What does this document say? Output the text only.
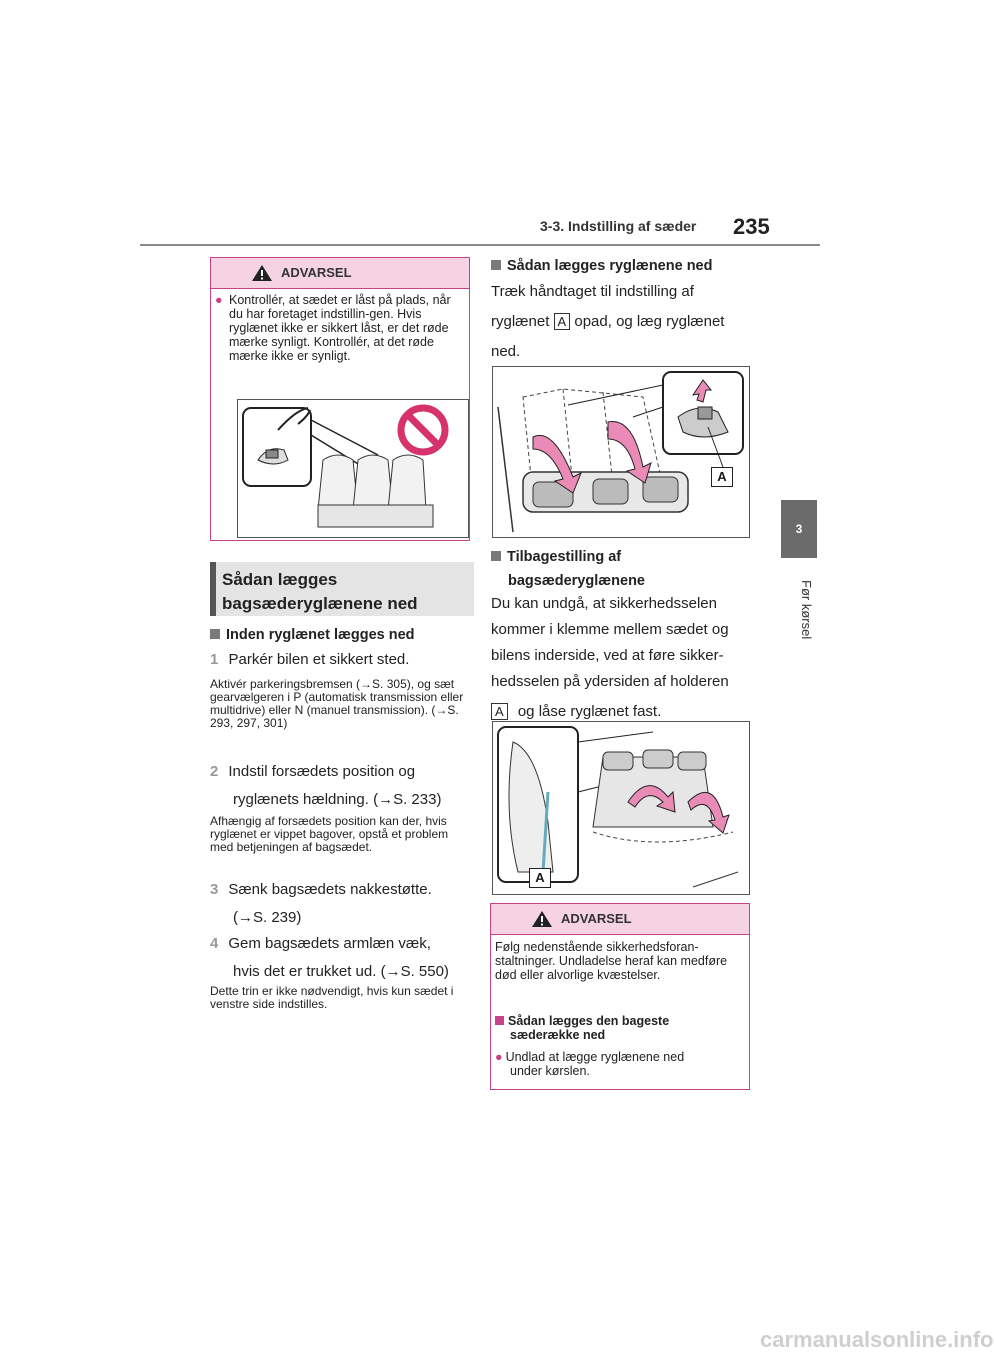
3-3. Indstilling af sæder 235
3
Før kørsel
ADVARSEL
● Kontrollér, at sædet er låst på plads, når du har foretaget indstillin-gen. Hvis ryglænet ikke er sikkert låst, er det røde mærke synligt. Kontrollér, at det røde mærke ikke er synligt.
Sådan lægges
bagsæderyglænene ned
Inden ryglænet lægges ned
1 Parkér bilen et sikkert sted.
Aktivér parkeringsbremsen (→S. 305), og sæt gearvælgeren i P (automatisk transmission eller multidrive) eller N (manuel transmission). (→S. 293, 297, 301)
2 Indstil forsædets position og
ryglænets hældning. (→S. 233)
Afhængig af forsædets position kan der, hvis ryglænet er vippet bagover, opstå et problem med betjeningen af bagsædet.
3 Sænk bagsædets nakkestøtte.
(→S. 239)
4 Gem bagsædets armlæn væk,
hvis det er trukket ud. (→S. 550)
Dette trin er ikke nødvendigt, hvis kun sædet i venstre side indstilles.
Sådan lægges ryglænene ned
Træk håndtaget til indstilling af
ryglænet A opad, og læg ryglænet
ned.
A
Tilbagestilling af
bagsæderyglænene
Du kan undgå, at sikkerhedsselen
kommer i klemme mellem sædet og
bilens inderside, ved at føre sikker-
hedsselen på ydersiden af holderen
A og låse ryglænet fast.
A
ADVARSEL
Følg nedenstående sikkerhedsforan-staltninger. Undladelse heraf kan medføre død eller alvorlige kvæstelser.
Sådan lægges den bageste
sæderække ned
● Undlad at lægge ryglænene ned
under kørslen.
carmanualsonline.info
